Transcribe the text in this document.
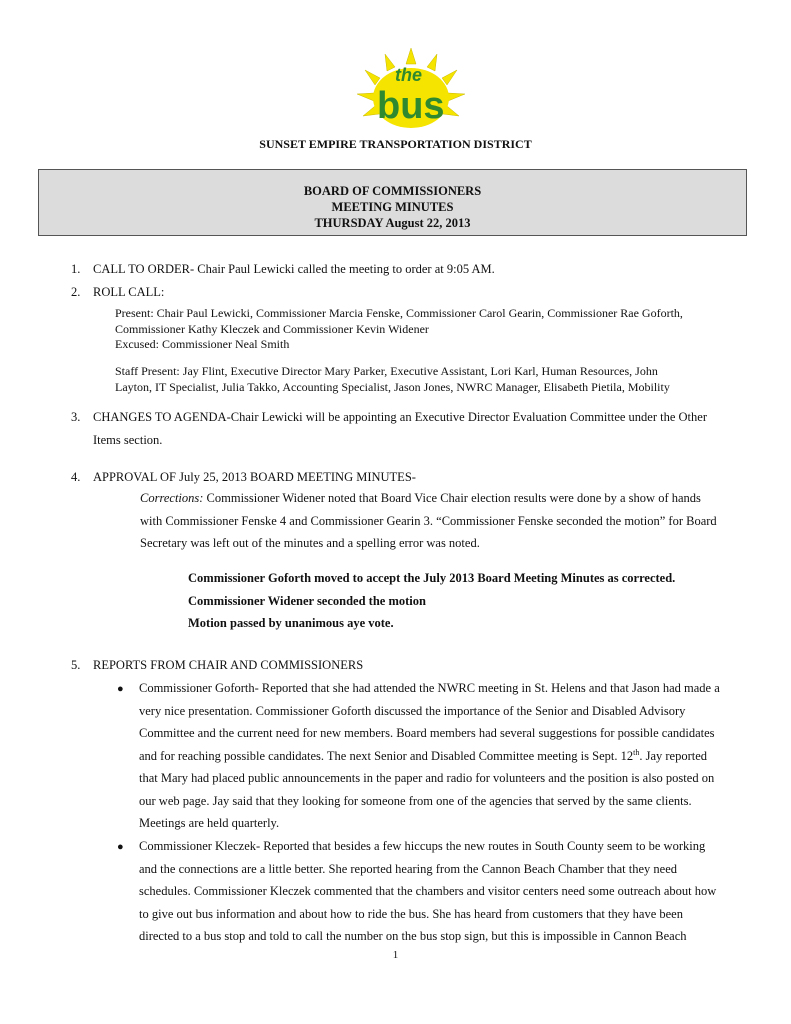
the
bus
SUNSET EMPIRE TRANSPORTATION DISTRICT
BOARD OF COMMISSIONERS
MEETING MINUTES
THURSDAY August 22, 2013
1. CALL TO ORDER- Chair Paul Lewicki called the meeting to order at 9:05 AM.
2. ROLL CALL:
Present: Chair Paul Lewicki, Commissioner Marcia Fenske, Commissioner Carol Gearin, Commissioner Rae Goforth,
Commissioner Kathy Kleczek and Commissioner Kevin Widener
Excused: Commissioner Neal Smith
Staff Present: Jay Flint, Executive Director Mary Parker, Executive Assistant, Lori Karl, Human Resources, John
Layton, IT Specialist, Julia Takko, Accounting Specialist, Jason Jones, NWRC Manager, Elisabeth Pietila, Mobility
3. CHANGES TO AGENDA-Chair Lewicki will be appointing an Executive Director Evaluation Committee under the Other
Items section.
4. APPROVAL OF July 25, 2013 BOARD MEETING MINUTES-
Corrections: Commissioner Widener noted that Board Vice Chair election results were done by a show of hands
with Commissioner Fenske 4 and Commissioner Gearin 3. “Commissioner Fenske seconded the motion” for Board
Secretary was left out of the minutes and a spelling error was noted.
Commissioner Goforth moved to accept the July 2013 Board Meeting Minutes as corrected.
Commissioner Widener seconded the motion
Motion passed by unanimous aye vote.
5. REPORTS FROM CHAIR AND COMMISSIONERS
● Commissioner Goforth- Reported that she had attended the NWRC meeting in St. Helens and that Jason had made a
very nice presentation. Commissioner Goforth discussed the importance of the Senior and Disabled Advisory
Committee and the current need for new members. Board members had several suggestions for possible candidates
and for reaching possible candidates. The next Senior and Disabled Committee meeting is Sept. 12th. Jay reported
that Mary had placed public announcements in the paper and radio for volunteers and the position is also posted on
our web page. Jay said that they looking for someone from one of the agencies that served by the same clients.
Meetings are held quarterly.
● Commissioner Kleczek- Reported that besides a few hiccups the new routes in South County seem to be working
and the connections are a little better. She reported hearing from the Cannon Beach Chamber that they need
schedules. Commissioner Kleczek commented that the chambers and visitor centers need some outreach about how
to give out bus information and about how to ride the bus. She has heard from customers that they have been
directed to a bus stop and told to call the number on the bus stop sign, but this is impossible in Cannon Beach
1
